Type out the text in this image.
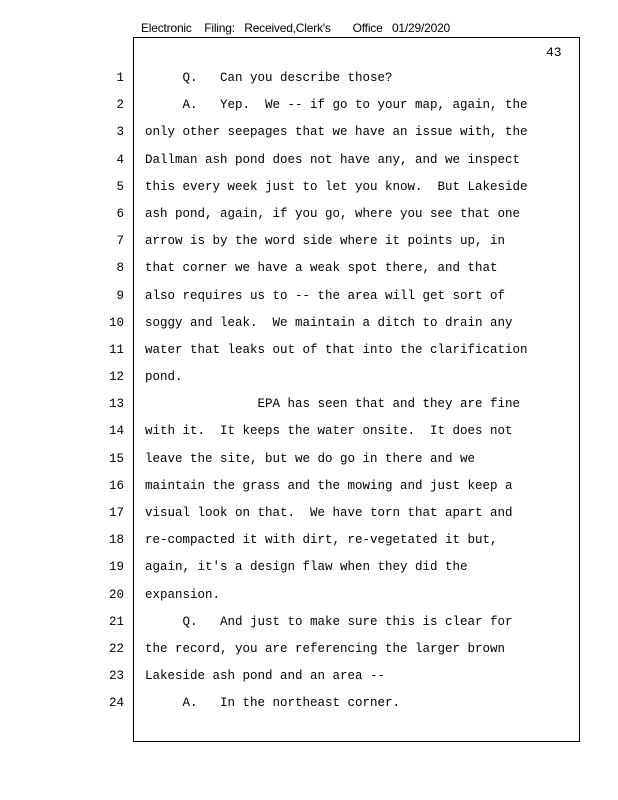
Electronic    Filing:   Received,Clerk's       Office   01/29/2020
43
1
2
3
4
5
6
7
8
9
10
11
12
13
14
15
16
17
18
19
20
21
22
23
24
Q.   Can you describe those?
A.   Yep.  We -- if go to your map, again, the
only other seepages that we have an issue with, the
Dallman ash pond does not have any, and we inspect
this every week just to let you know.  But Lakeside
ash pond, again, if you go, where you see that one
arrow is by the word side where it points up, in
that corner we have a weak spot there, and that
also requires us to -- the area will get sort of
soggy and leak.  We maintain a ditch to drain any
water that leaks out of that into the clarification
pond.
EPA has seen that and they are fine
with it.  It keeps the water onsite.  It does not
leave the site, but we do go in there and we
maintain the grass and the mowing and just keep a
visual look on that.  We have torn that apart and
re-compacted it with dirt, re-vegetated it but,
again, it's a design flaw when they did the
expansion.
Q.   And just to make sure this is clear for
the record, you are referencing the larger brown
Lakeside ash pond and an area --
A.   In the northeast corner.
